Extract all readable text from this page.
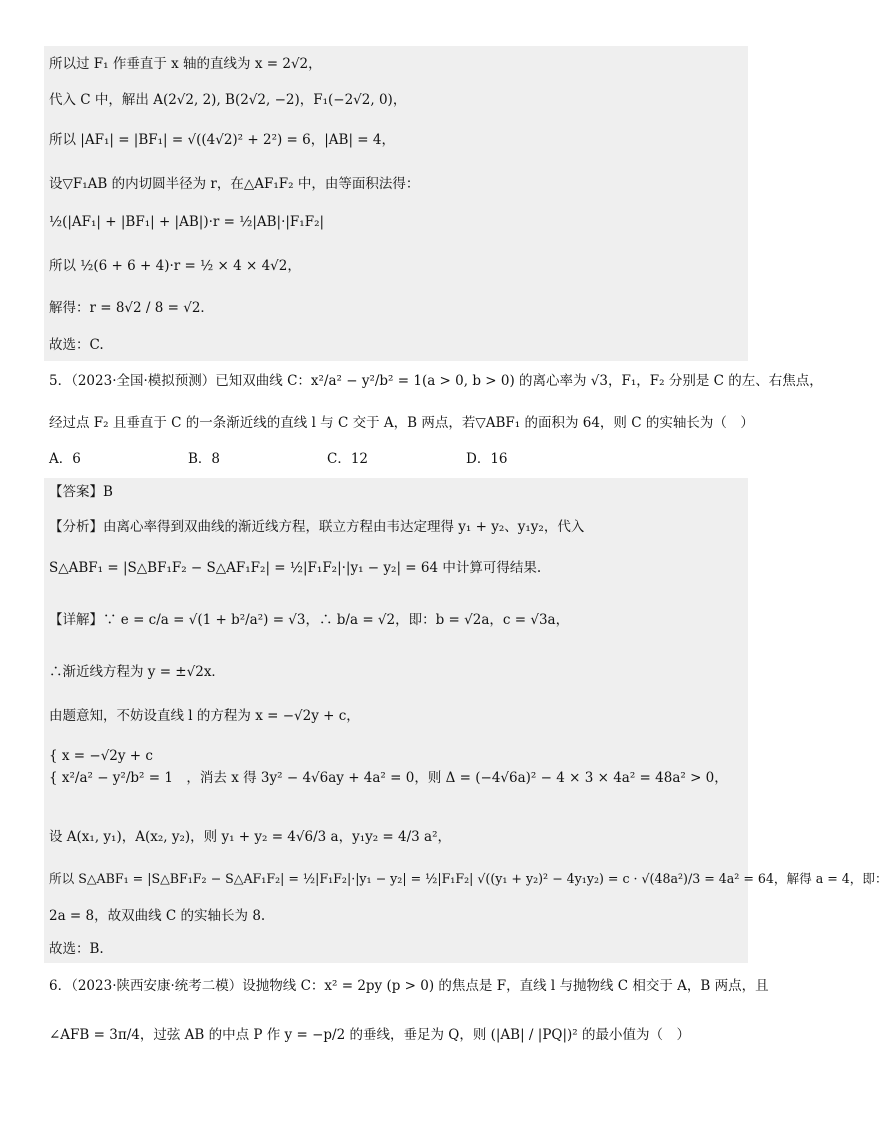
所以过 F₁ 作垂直于 x 轴的直线为 x = 2√2，
代入 C 中，解出 A(2√2, 2), B(2√2, −2)，F₁(−2√2, 0)，
所以 |AF₁| = |BF₁| = √((4√2)² + 2²) = 6，|AB| = 4，
设▽F₁AB 的内切圆半径为 r，在△AF₁F₂ 中，由等面积法得：
½(|AF₁| + |BF₁| + |AB|)·r = ½|AB|·|F₁F₂|
所以 ½(6 + 6 + 4)·r = ½ × 4 × 4√2，
解得：r = 8√2 / 8 = √2．
故选：C.
5．（2023·全国·模拟预测）已知双曲线 C：x²/a² − y²/b² = 1(a > 0, b > 0) 的离心率为 √3，F₁，F₂ 分别是 C 的左、右焦点，
经过点 F₂ 且垂直于 C 的一条渐近线的直线 l 与 C 交于 A，B 两点，若▽ABF₁ 的面积为 64，则 C 的实轴长为（　）
A．6	B．8	C．12	D．16
【答案】B
【分析】由离心率得到双曲线的渐近线方程，联立方程由韦达定理得 y₁ + y₂、y₁y₂，代入
S△ABF₁ = |S△BF₁F₂ − S△AF₁F₂| = ½|F₁F₂|·|y₁ − y₂| = 64 中计算可得结果.
【详解】∵ e = c/a = √(1 + b²/a²) = √3，∴ b/a = √2，即：b = √2a，c = √3a，
∴渐近线方程为 y = ±√2x．
由题意知，不妨设直线 l 的方程为 x = −√2y + c，
{ x = −√2y + c
{ x²/a² − y²/b² = 1　，消去 x 得 3y² − 4√6ay + 4a² = 0，则 Δ = (−4√6a)² − 4 × 3 × 4a² = 48a² > 0，
设 A(x₁, y₁)，A(x₂, y₂)，则 y₁ + y₂ = 4√6/3 a，y₁y₂ = 4/3 a²，
所以 S△ABF₁ = |S△BF₁F₂ − S△AF₁F₂| = ½|F₁F₂|·|y₁ − y₂| = ½|F₁F₂| √((y₁ + y₂)² − 4y₁y₂) = c · √(48a²)/3 = 4a² = 64，解得 a = 4，即：
2a = 8，故双曲线 C 的实轴长为 8.
故选：B.
6．（2023·陕西安康·统考二模）设抛物线 C：x² = 2py (p > 0) 的焦点是 F，直线 l 与抛物线 C 相交于 A，B 两点，且
∠AFB = 3π/4，过弦 AB 的中点 P 作 y = −p/2 的垂线，垂足为 Q，则 (|AB| / |PQ|)² 的最小值为（　）
